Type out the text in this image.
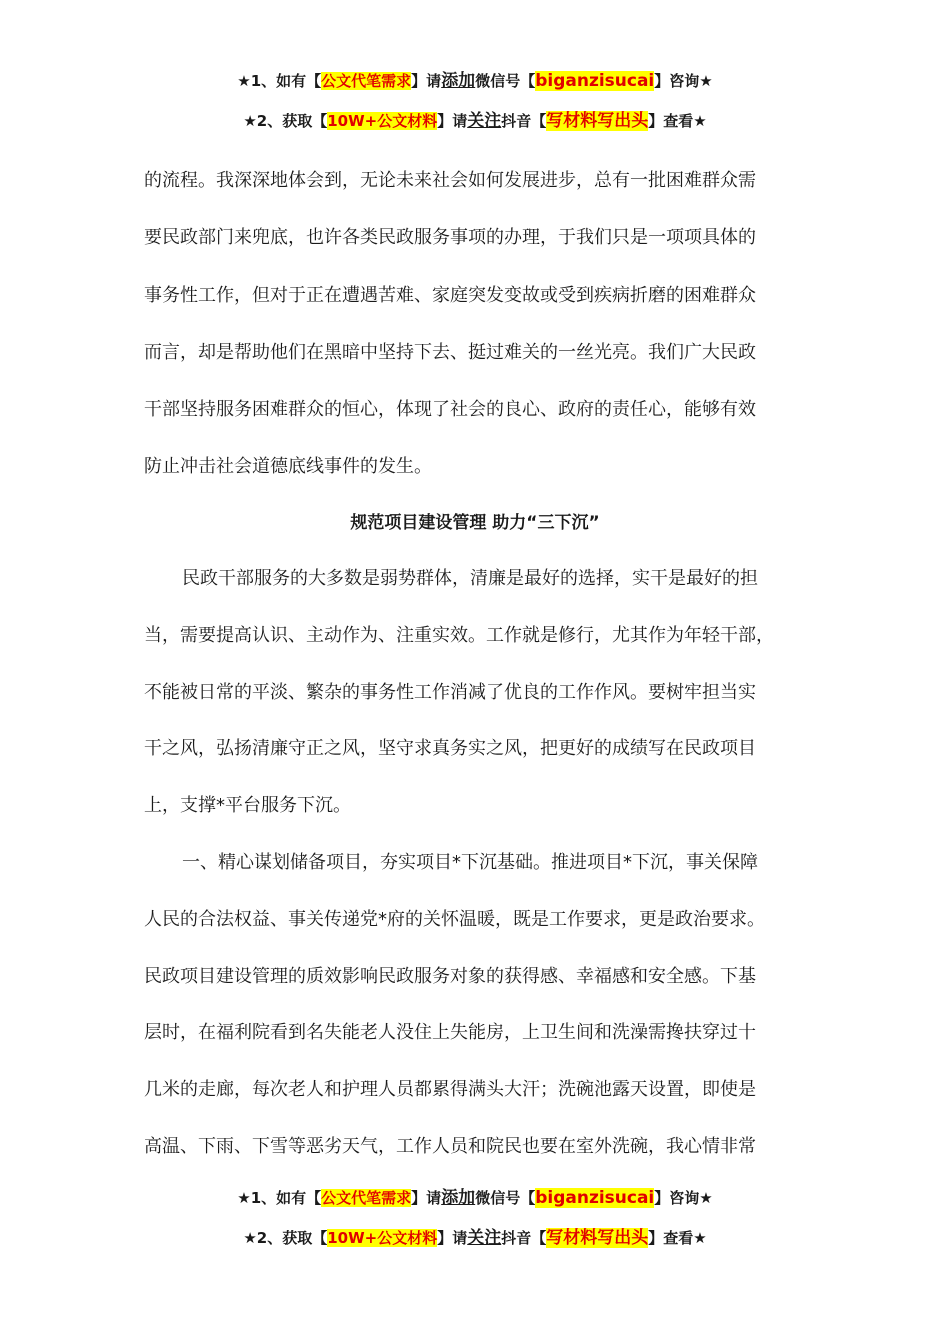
★1、如有【公文代笔需求】请添加微信号【biganzisucai】咨询★
★2、获取【10W+公文材料】请关注抖音【写材料写出头】查看★
的流程。我深深地体会到，无论未来社会如何发展进步，总有一批困难群众需
要民政部门来兜底，也许各类民政服务事项的办理，于我们只是一项项具体的
事务性工作，但对于正在遭遇苦难、家庭突发变故或受到疾病折磨的困难群众
而言，却是帮助他们在黑暗中坚持下去、挺过难关的一丝光亮。我们广大民政
干部坚持服务困难群众的恒心，体现了社会的良心、政府的责任心，能够有效
防止冲击社会道德底线事件的发生。
规范项目建设管理 助力“三下沉”
民政干部服务的大多数是弱势群体，清廉是最好的选择，实干是最好的担
当，需要提高认识、主动作为、注重实效。工作就是修行，尤其作为年轻干部，
不能被日常的平淡、繁杂的事务性工作消减了优良的工作作风。要树牢担当实
干之风，弘扬清廉守正之风，坚守求真务实之风，把更好的成绩写在民政项目
上，支撑*平台服务下沉。
一、精心谋划储备项目，夯实项目*下沉基础。推进项目*下沉，事关保障
人民的合法权益、事关传递党*府的关怀温暖，既是工作要求，更是政治要求。
民政项目建设管理的质效影响民政服务对象的获得感、幸福感和安全感。下基
层时，在福利院看到名失能老人没住上失能房，上卫生间和洗澡需搀扶穿过十
几米的走廊，每次老人和护理人员都累得满头大汗；洗碗池露天设置，即使是
高温、下雨、下雪等恶劣天气，工作人员和院民也要在室外洗碗，我心情非常
★1、如有【公文代笔需求】请添加微信号【biganzisucai】咨询★
★2、获取【10W+公文材料】请关注抖音【写材料写出头】查看★
